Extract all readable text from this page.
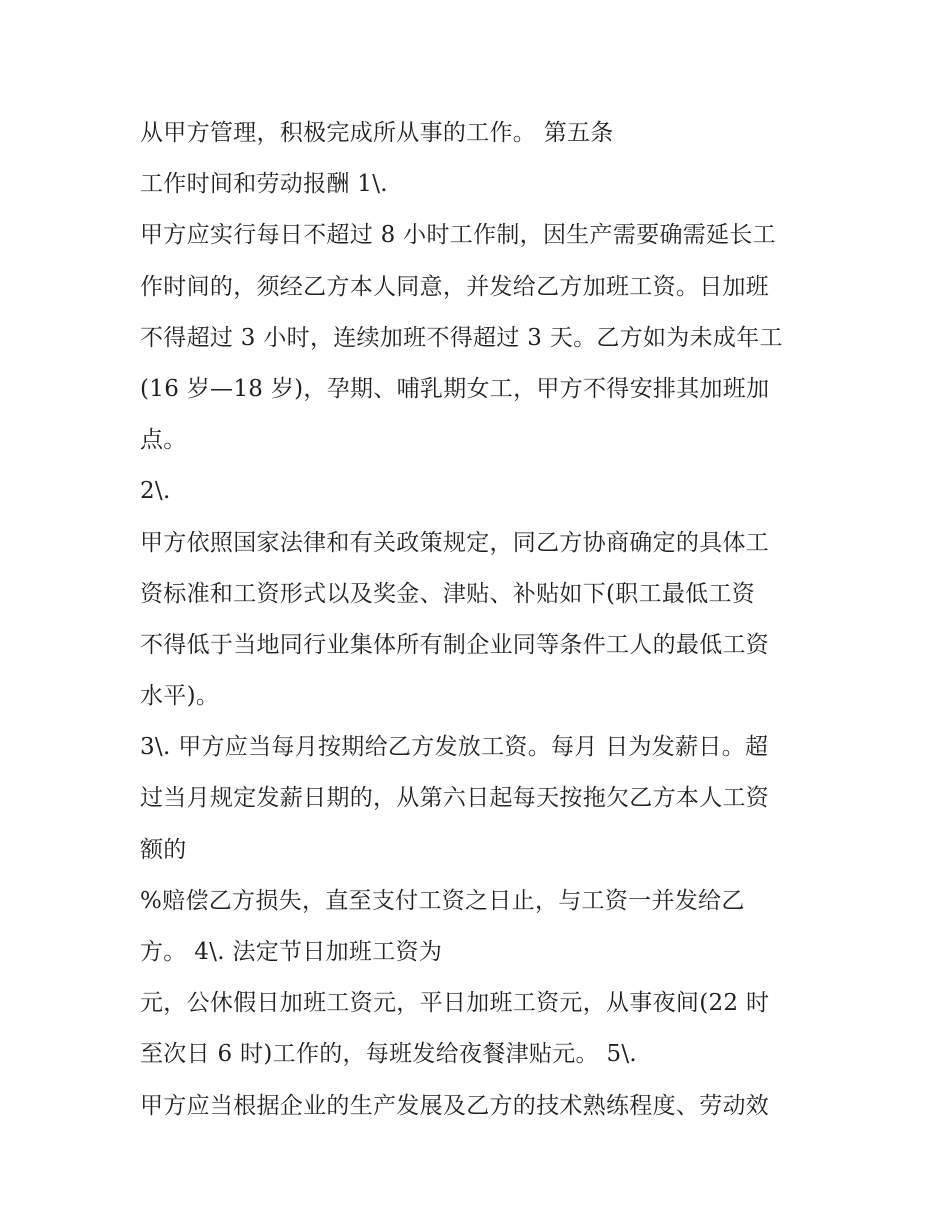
从甲方管理，积极完成所从事的工作。 第五条
工作时间和劳动报酬 1\.
甲方应实行每日不超过 8 小时工作制，因生产需要确需延长工
作时间的，须经乙方本人同意，并发给乙方加班工资。日加班
不得超过 3 小时，连续加班不得超过 3 天。乙方如为未成年工
(16 岁—18 岁)，孕期、哺乳期女工，甲方不得安排其加班加
点。
2\.
甲方依照国家法律和有关政策规定，同乙方协商确定的具体工
资标准和工资形式以及奖金、津贴、补贴如下(职工最低工资
不得低于当地同行业集体所有制企业同等条件工人的最低工资
水平)。
3\. 甲方应当每月按期给乙方发放工资。每月 日为发薪日。超
过当月规定发薪日期的，从第六日起每天按拖欠乙方本人工资
额的
%赔偿乙方损失，直至支付工资之日止，与工资一并发给乙
方。 4\. 法定节日加班工资为
元，公休假日加班工资元，平日加班工资元，从事夜间(22 时
至次日 6 时)工作的，每班发给夜餐津贴元。 5\.
甲方应当根据企业的生产发展及乙方的技术熟练程度、劳动效
